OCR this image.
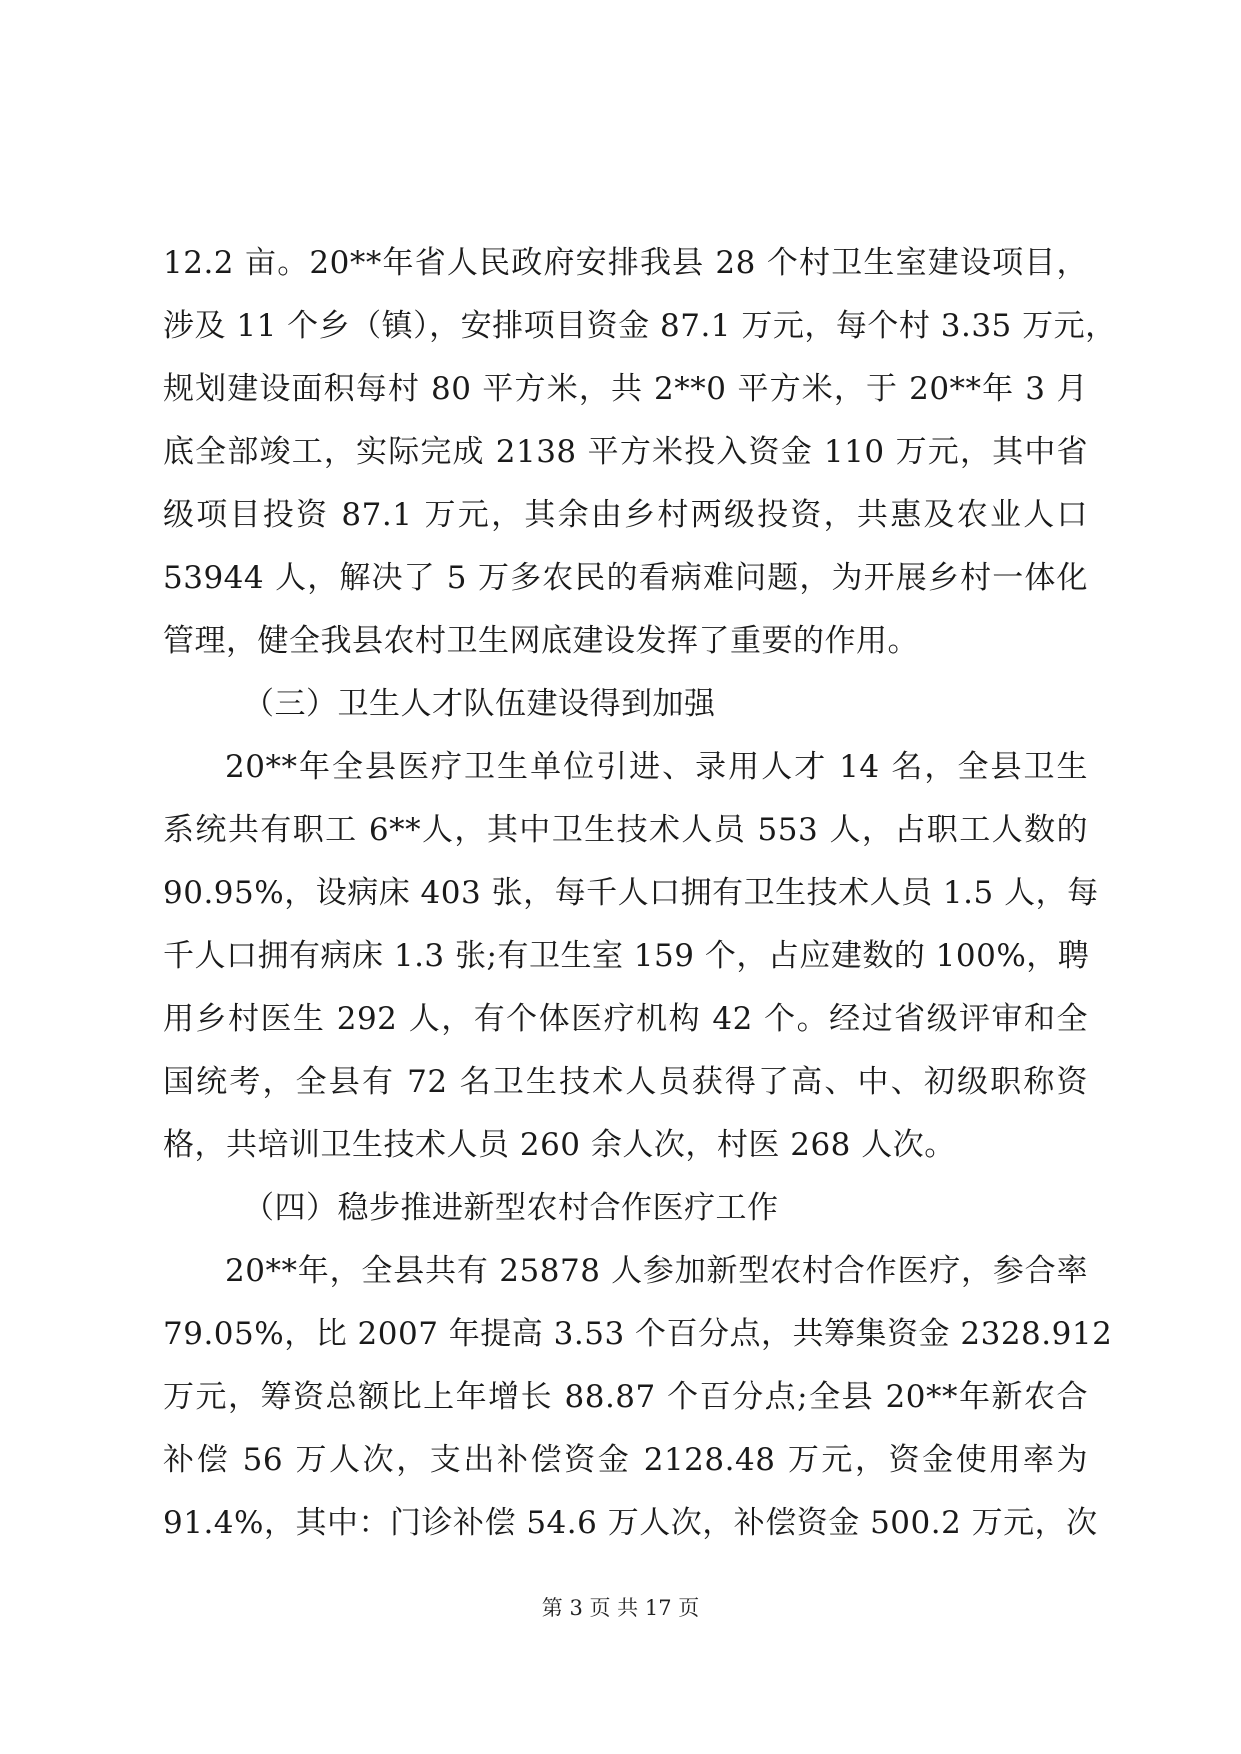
12.2 亩。20**年省人民政府安排我县 28 个村卫生室建设项目，
涉及 11 个乡（镇），安排项目资金 87.1 万元，每个村 3.35 万元，
规划建设面积每村 80 平方米，共 2**0 平方米，于 20**年 3 月
底全部竣工，实际完成 2138 平方米投入资金 110 万元，其中省
级项目投资 87.1 万元，其余由乡村两级投资，共惠及农业人口
53944 人，解决了 5 万多农民的看病难问题，为开展乡村一体化
管理，健全我县农村卫生网底建设发挥了重要的作用。
（三）卫生人才队伍建设得到加强
20**年全县医疗卫生单位引进、录用人才 14 名，全县卫生
系统共有职工 6**人，其中卫生技术人员 553 人，占职工人数的
90.95%，设病床 403 张，每千人口拥有卫生技术人员 1.5 人，每
千人口拥有病床 1.3 张;有卫生室 159 个，占应建数的 100%，聘
用乡村医生 292 人，有个体医疗机构 42 个。经过省级评审和全
国统考，全县有 72 名卫生技术人员获得了高、中、初级职称资
格，共培训卫生技术人员 260 余人次，村医 268 人次。
（四）稳步推进新型农村合作医疗工作
20**年，全县共有 25878 人参加新型农村合作医疗，参合率
79.05%，比 2007 年提高 3.53 个百分点，共筹集资金 2328.912
万元，筹资总额比上年增长 88.87 个百分点;全县 20**年新农合
补偿 56 万人次，支出补偿资金 2128.48 万元，资金使用率为
91.4%，其中：门诊补偿 54.6 万人次，补偿资金 500.2 万元，次
第 3 页 共 17 页
